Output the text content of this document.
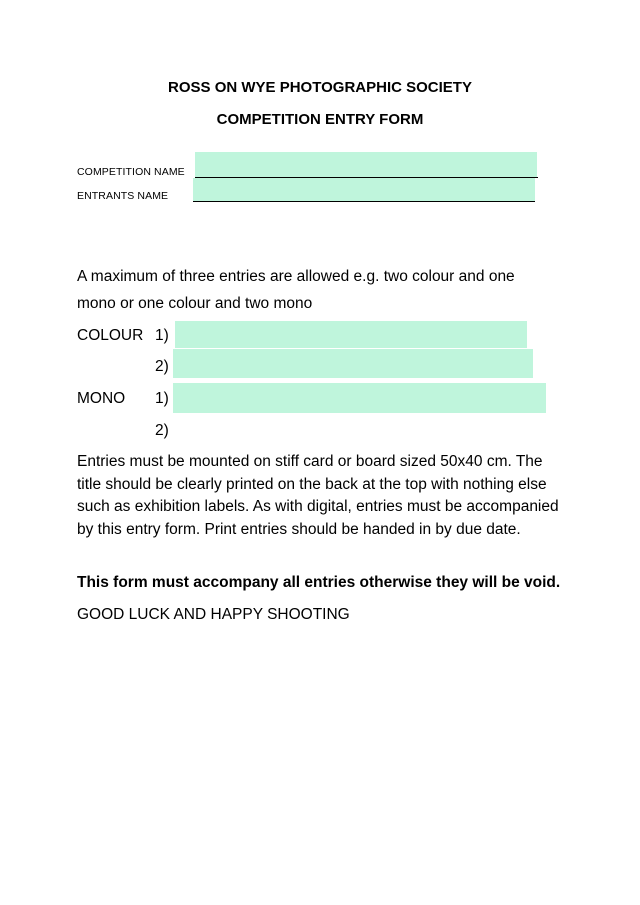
ROSS ON WYE PHOTOGRAPHIC SOCIETY
COMPETITION ENTRY FORM
COMPETITION NAME
ENTRANTS NAME
A maximum of three entries are allowed e.g. two colour and one
mono or one colour and two mono
COLOUR 1)
2)
MONO 1)
2)
Entries must be mounted on stiff card or board sized 50x40 cm. The title should be clearly printed on the back at the top with nothing else such as exhibition labels. As with digital, entries must be accompanied by this entry form. Print entries should be handed in by due date.
This form must accompany all entries otherwise they will be void.
GOOD LUCK AND HAPPY SHOOTING
